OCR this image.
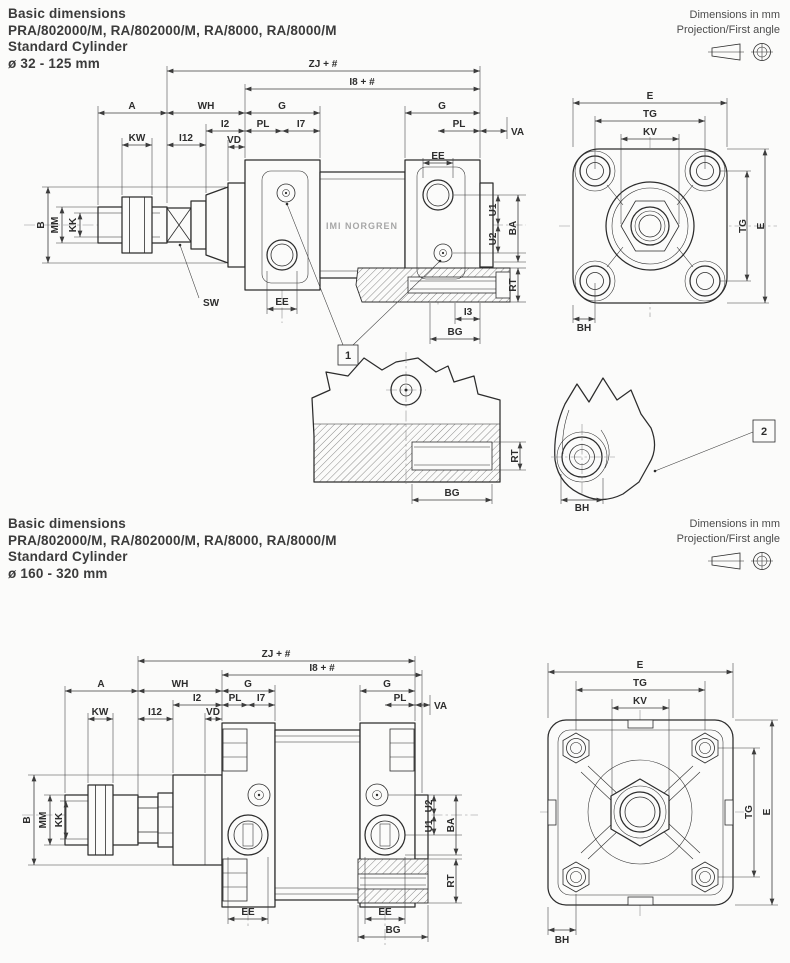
Basic dimensions
PRA/802000/M, RA/802000/M, RA/8000, RA/8000/M
Standard Cylinder
ø 32 - 125 mm
Dimensions in mm
Projection/First angle
IMI NORGREN
ZJ + #
I8 + #
A	WH	G	G
I2	PL	I7	PL
VA
VD
KW	I12
EE
B MM KK
U1
U2
BA
RT
EE
I3
BG
SW
1
E
TG
KV
TG E
BH
RT
BG
BH
2
Basic dimensions
PRA/802000/M, RA/802000/M, RA/8000, RA/8000/M
Standard Cylinder
ø 160 - 320 mm
Dimensions in mm
Projection/First angle
ZJ + #
I8 + #
A	WH	G	G
I2	PL I7	PL
VA
KW	I12	VD
B MM KK
U2
U1 BA
RT
EE	EE
BG
E
TG
KV
TG E
BH
